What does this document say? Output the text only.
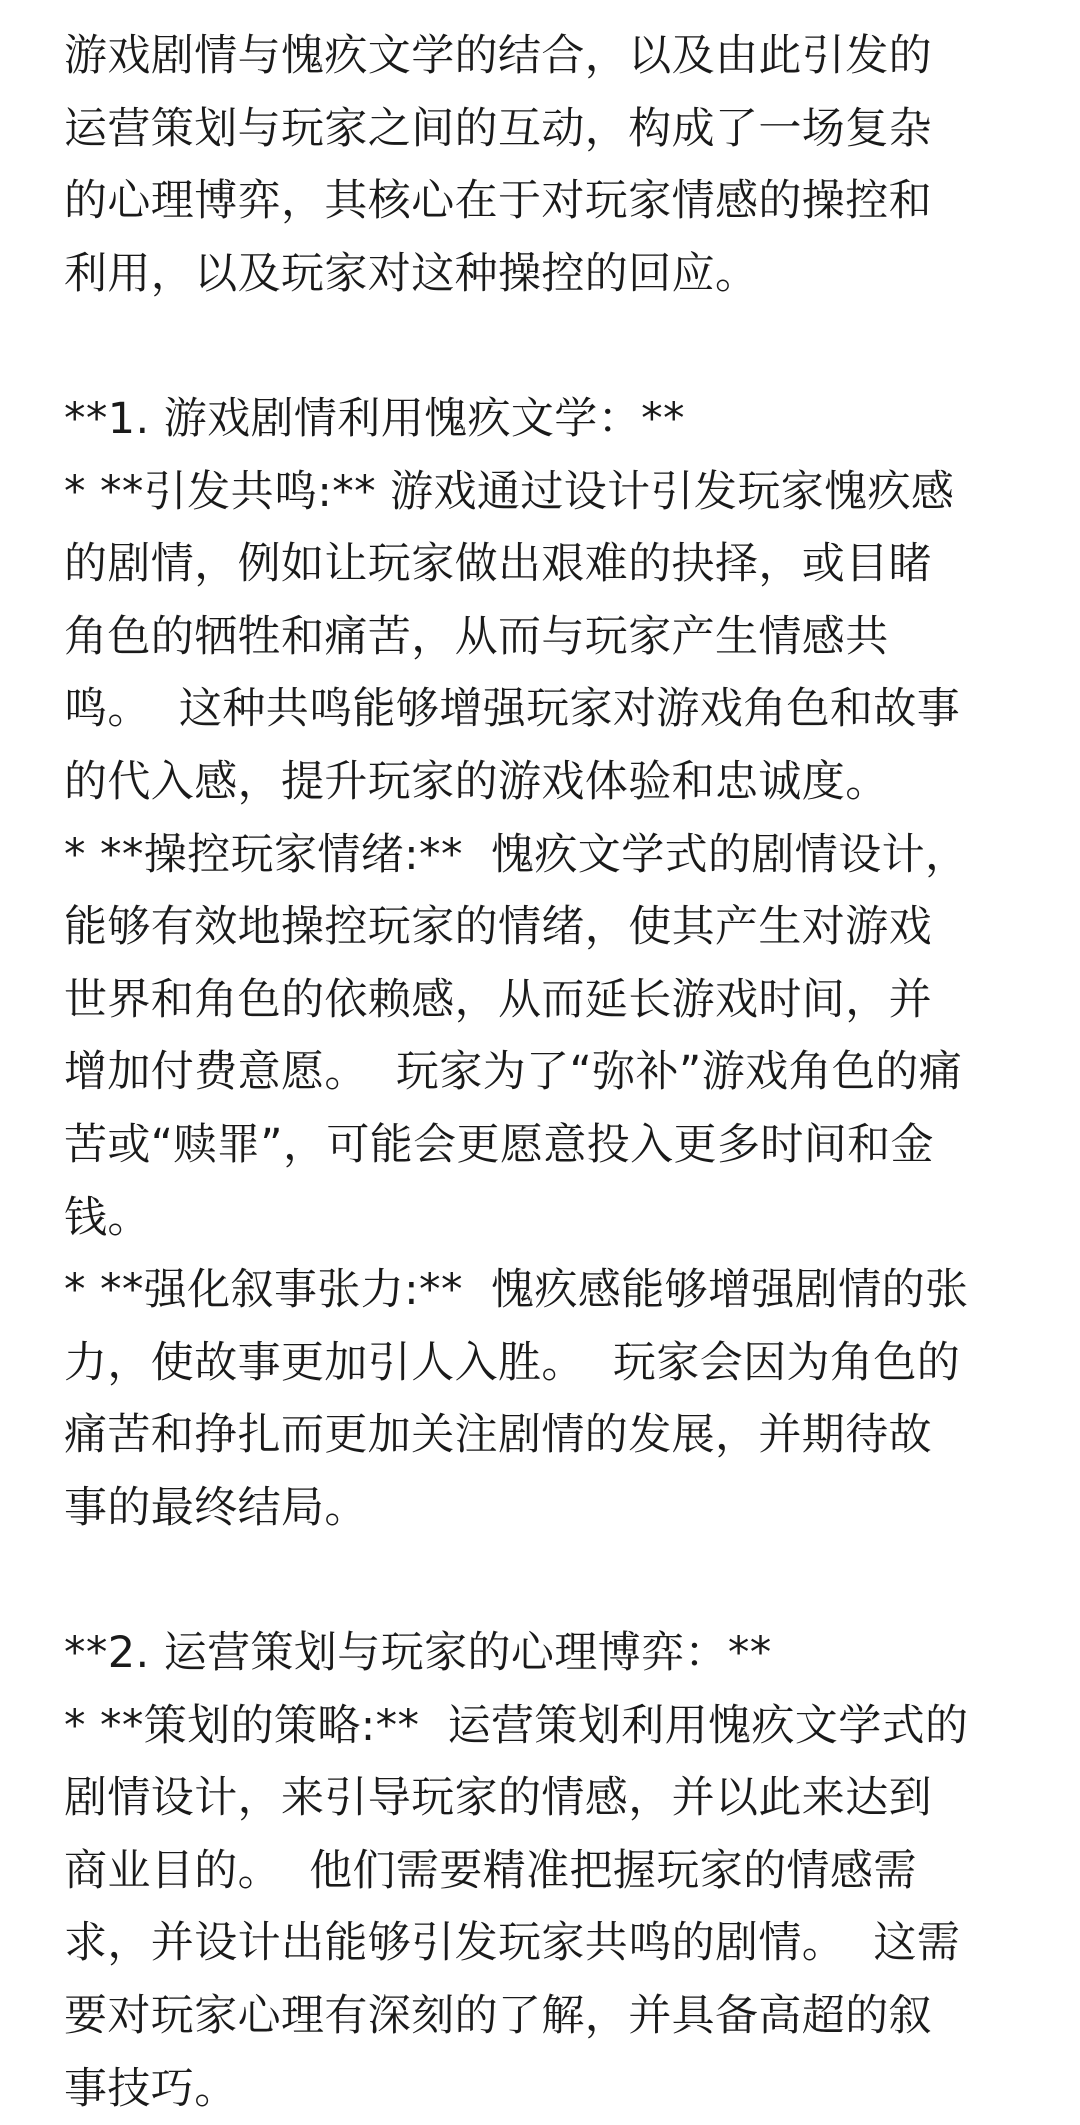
游戏剧情与愧疚文学的结合，以及由此引发的
运营策划与玩家之间的互动，构成了一场复杂
的心理博弈，其核心在于对玩家情感的操控和
利用，以及玩家对这种操控的回应。
**1. 游戏剧情利用愧疚文学：**
* **引发共鸣:** 游戏通过设计引发玩家愧疚感
的剧情，例如让玩家做出艰难的抉择，或目睹
角色的牺牲和痛苦，从而与玩家产生情感共
鸣。  这种共鸣能够增强玩家对游戏角色和故事
的代入感，提升玩家的游戏体验和忠诚度。
* **操控玩家情绪:**  愧疚文学式的剧情设计，
能够有效地操控玩家的情绪，使其产生对游戏
世界和角色的依赖感，从而延长游戏时间，并
增加付费意愿。  玩家为了“弥补”游戏角色的痛
苦或“赎罪”，可能会更愿意投入更多时间和金
钱。
* **强化叙事张力:**  愧疚感能够增强剧情的张
力，使故事更加引人入胜。  玩家会因为角色的
痛苦和挣扎而更加关注剧情的发展，并期待故
事的最终结局。
**2. 运营策划与玩家的心理博弈：**
* **策划的策略:**  运营策划利用愧疚文学式的
剧情设计，来引导玩家的情感，并以此来达到
商业目的。  他们需要精准把握玩家的情感需
求，并设计出能够引发玩家共鸣的剧情。  这需
要对玩家心理有深刻的了解，并具备高超的叙
事技巧。
